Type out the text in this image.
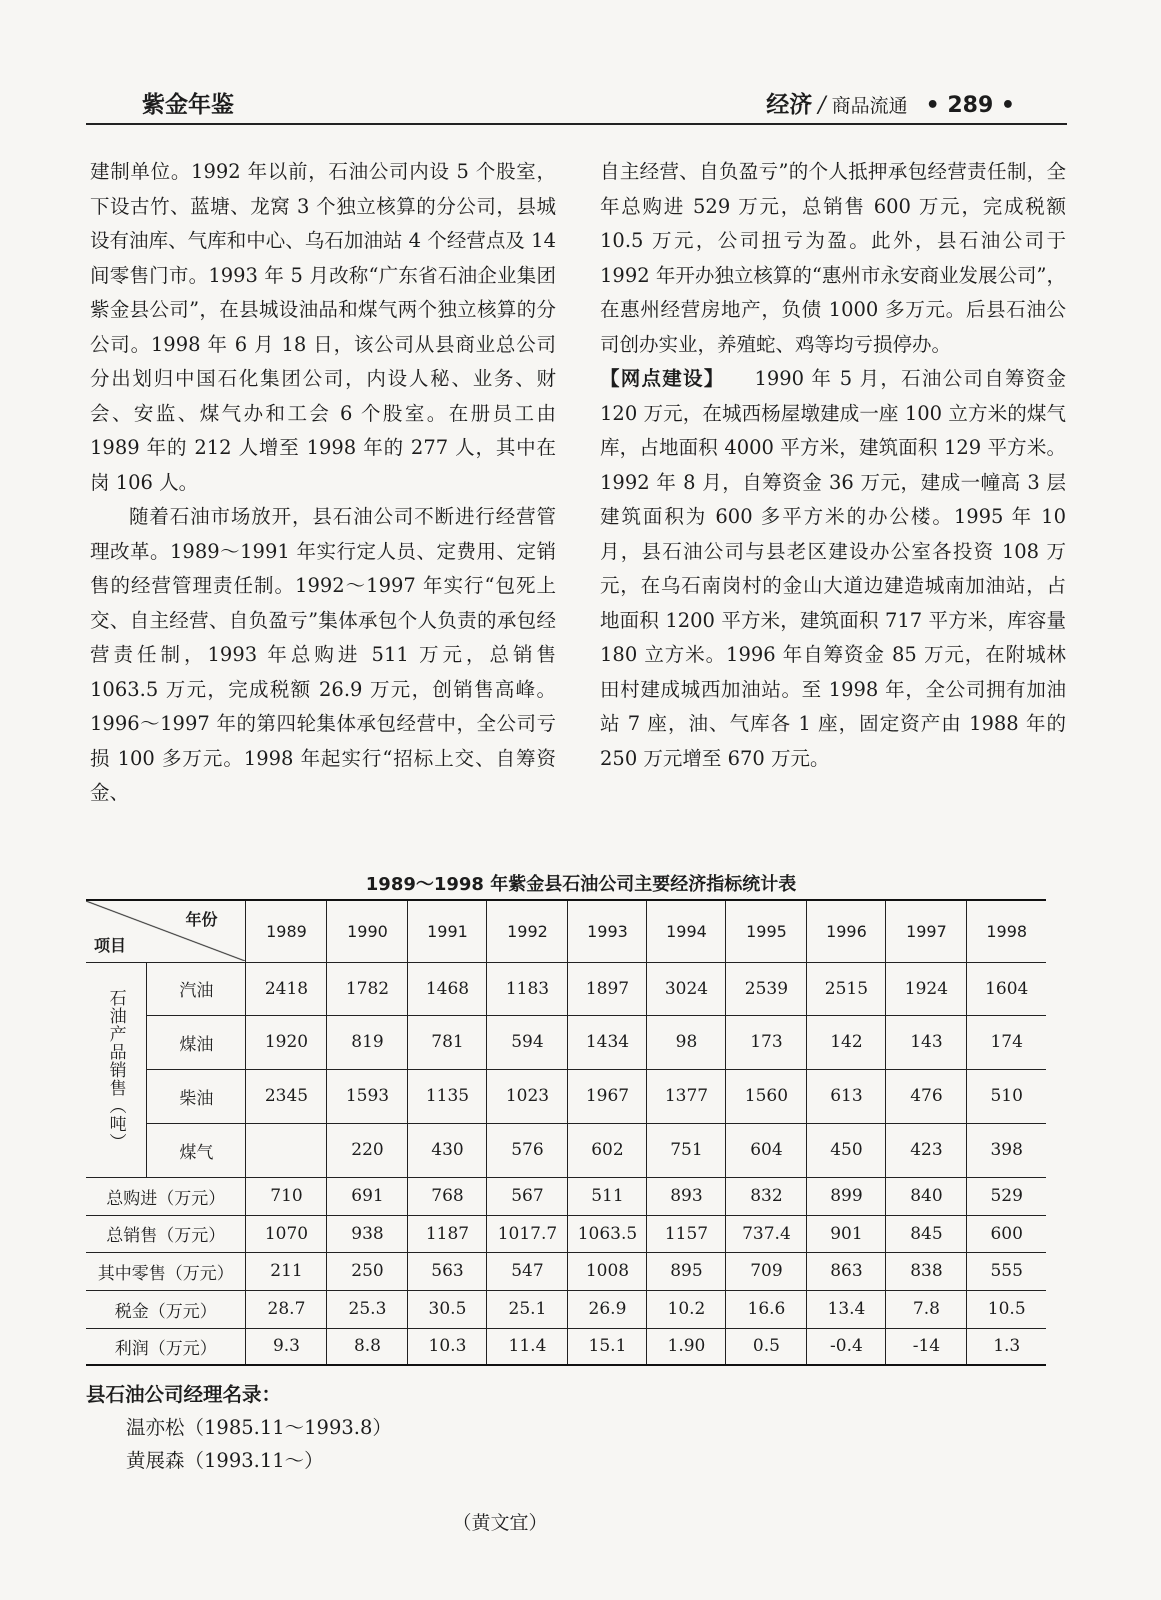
紫金年鉴	经济 / 商品流通 • 289 •

建制单位。1992 年以前，石油公司内设 5 个股室，下设古竹、蓝塘、龙窝 3 个独立核算的分公司，县城设有油库、气库和中心、乌石加油站 4 个经营点及 14 间零售门市。1993 年 5 月改称“广东省石油企业集团紫金县公司”，在县城设油品和煤气两个独立核算的分公司。1998 年 6 月 18 日，该公司从县商业总公司分出划归中国石化集团公司，内设人秘、业务、财会、安监、煤气办和工会 6 个股室。在册员工由 1989 年的 212 人增至 1998 年的 277 人，其中在岗 106 人。

随着石油市场放开，县石油公司不断进行经营管理改革。1989～1991 年实行定人员、定费用、定销售的经营管理责任制。1992～1997 年实行“包死上交、自主经营、自负盈亏”集体承包个人负责的承包经营责任制，1993 年总购进 511 万元，总销售 1063.5 万元，完成税额 26.9 万元，创销售高峰。1996～1997 年的第四轮集体承包经营中，全公司亏损 100 多万元。1998 年起实行“招标上交、自筹资金、

自主经营、自负盈亏”的个人抵押承包经营责任制，全年总购进 529 万元，总销售 600 万元，完成税额 10.5 万元，公司扭亏为盈。此外，县石油公司于 1992 年开办独立核算的“惠州市永安商业发展公司”，在惠州经营房地产，负债 1000 多万元。后县石油公司创办实业，养殖蛇、鸡等均亏损停办。

【网点建设】 1990 年 5 月，石油公司自筹资金 120 万元，在城西杨屋墩建成一座 100 立方米的煤气库，占地面积 4000 平方米，建筑面积 129 平方米。1992 年 8 月，自筹资金 36 万元，建成一幢高 3 层建筑面积为 600 多平方米的办公楼。1995 年 10 月，县石油公司与县老区建设办公室各投资 108 万元，在乌石南岗村的金山大道边建造城南加油站，占地面积 1200 平方米，建筑面积 717 平方米，库容量 180 立方米。1996 年自筹资金 85 万元，在附城林田村建成城西加油站。至 1998 年，全公司拥有加油站 7 座，油、气库各 1 座，固定资产由 1988 年的 250 万元增至 670 万元。

1989～1998 年紫金县石油公司主要经济指标统计表
年份
项目		1989	1990	1991	1992	1993	1994	1995	1996	1997	1998

石油产品销售（吨）	汽油	2418	1782	1468	1183	1897	3024	2539	2515	1924	1604
	煤油	1920	819	781	594	1434	98	173	142	143	174
	柴油	2345	1593	1135	1023	1967	1377	1560	613	476	510
	煤气		220	430	576	602	751	604	450	423	398
总购进（万元）		710	691	768	567	511	893	832	899	840	529
总销售（万元）		1070	938	1187	1017.7	1063.5	1157	737.4	901	845	600
其中零售（万元）		211	250	563	547	1008	895	709	863	838	555
税金（万元）		28.7	25.3	30.5	25.1	26.9	10.2	16.6	13.4	7.8	10.5
利润（万元）		9.3	8.8	10.3	11.4	15.1	1.90	0.5	-0.4	-14	1.3
县石油公司经理名录：
温亦松（1985.11～1993.8）
黄展森（1993.11～）
（黄文宜）
